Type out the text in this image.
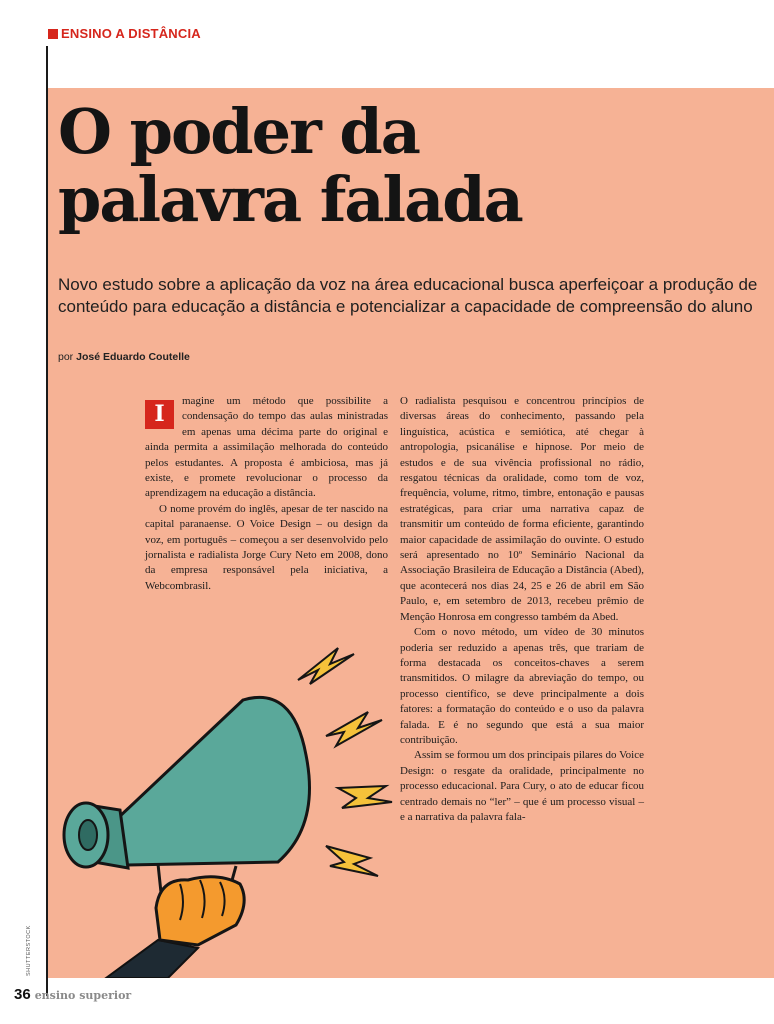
ENSINO A DISTÂNCIA
O poder da
palavra falada
Novo estudo sobre a aplicação da voz na área educacional busca aperfeiçoar a produção de conteúdo para educação a distância e potencializar a capacidade de compreensão do aluno
por José Eduardo Coutelle

I	magine um método que possibilite a condensação do tempo das aulas ministradas em apenas uma décima parte do original e ainda permita a assimilação melhorada do conteúdo pelos estudantes. A proposta é ambiciosa, mas já existe, e promete revolucionar o processo da aprendizagem na educação a distância.

O nome provém do inglês, apesar de ter nascido na capital paranaense. O Voice Design – ou design da voz, em português – começou a ser desenvolvido pelo jornalista e radialista Jorge Cury Neto em 2008, dono da empresa responsável pela iniciativa, a Webcombrasil.

O radialista pesquisou e concentrou princípios de diversas áreas do conhecimento, passando pela linguística, acústica e semiótica, até chegar à antropologia, psicanálise e hipnose. Por meio de estudos e de sua vivência profissional no rádio, resgatou técnicas da oralidade, como tom de voz, frequência, volume, ritmo, timbre, entonação e pausas estratégicas, para criar uma narrativa capaz de transmitir um conteúdo de forma eficiente, garantindo maior capacidade de assimilação do ouvinte. O estudo será apresentado no 10º Seminário Nacional da Associação Brasileira de Educação a Distância (Abed), que acontecerá nos dias 24, 25 e 26 de abril em São Paulo, e, em setembro de 2013, recebeu prêmio de Menção Honrosa em congresso também da Abed.

Com o novo método, um vídeo de 30 minutos poderia ser reduzido a apenas três, que trariam de forma destacada os conceitos-chaves a serem transmitidos. O milagre da abreviação do tempo, ou processo científico, se deve principalmente a dois fatores: a formatação do conteúdo e o uso da palavra falada. E é no segundo que está a sua maior contribuição.

Assim se formou um dos principais pilares do Voice Design: o resgate da oralidade, principalmente no processo educacional. Para Cury, o ato de educar ficou centrado demais no “ler” – que é um processo visual – e a narrativa da palavra fala-

SHUTTERSTOCK
36 ensino superior
